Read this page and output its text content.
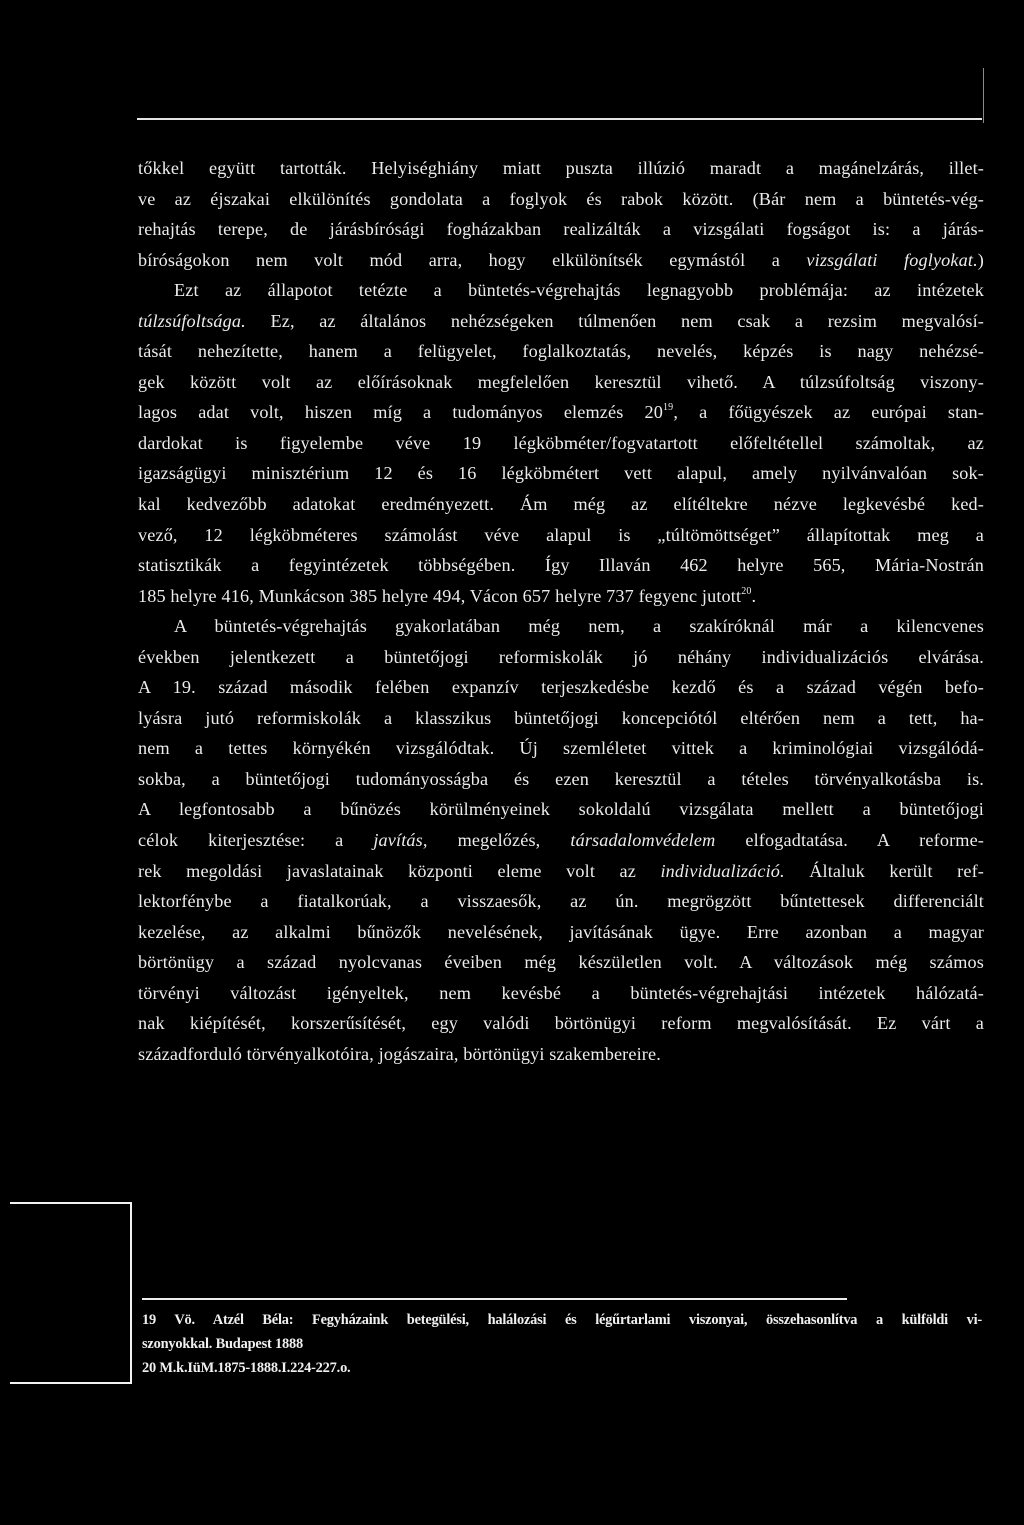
tőkkel együtt tartották. Helyiséghiány miatt puszta illúzió maradt a magánelzárás, illet-
ve az éjszakai elkülönítés gondolata a foglyok és rabok között. (Bár nem a büntetés-vég-
rehajtás terepe, de járásbírósági fogházakban realizálták a vizsgálati fogságot is: a járás-
bíróságokon nem volt mód arra, hogy elkülönítsék egymástól a vizsgálati foglyokat.)
Ezt az állapotot tetézte a büntetés-végrehajtás legnagyobb problémája: az intézetek
túlzsúfoltsága. Ez, az általános nehézségeken túlmenően nem csak a rezsim megvalósí-
tását nehezítette, hanem a felügyelet, foglalkoztatás, nevelés, képzés is nagy nehézsé-
gek között volt az előírásoknak megfelelően keresztül vihető. A túlzsúfoltság viszony-
lagos adat volt, hiszen míg a tudományos elemzés $20^{19}$, a főügyészek az európai stan-
dardokat is figyelembe véve 19 légköbméter/fogvatartott előfeltétellel számoltak, az
igazságügyi minisztérium 12 és 16 légköbmétert vett alapul, amely nyilvánvalóan sok-
kal kedvezőbb adatokat eredményezett. Ám még az elítéltekre nézve legkevésbé ked-
vező, 12 légköbméteres számolást véve alapul is „túltömöttséget” állapítottak meg a
statisztikák a fegyintézetek többségében. Így Illaván 462 helyre 565, Mária-Nostrán
185 helyre 416, Munkácson 385 helyre 494, Vácon 657 helyre 737 fegyenc jutott$^{20}$.
A büntetés-végrehajtás gyakorlatában még nem, a szakíróknál már a kilencvenes
években jelentkezett a büntetőjogi reformiskolák jó néhány individualizációs elvárása.
A 19. század második felében expanzív terjeszkedésbe kezdő és a század végén befo-
lyásra jutó reformiskolák a klasszikus büntetőjogi koncepciótól eltérően nem a tett, ha-
nem a tettes környékén vizsgálódtak. Új szemléletet vittek a kriminológiai vizsgálódá-
sokba, a büntetőjogi tudományosságba és ezen keresztül a tételes törvényalkotásba is.
A legfontosabb a bűnözés körülményeinek sokoldalú vizsgálata mellett a büntetőjogi
célok kiterjesztése: a javítás, megelőzés, társadalomvédelem elfogadtatása. A reforme-
rek megoldási javaslatainak központi eleme volt az individualizáció. Általuk került ref-
lektorfénybe a fiatalkorúak, a visszaesők, az ún. megrögzött bűntettesek differenciált
kezelése, az alkalmi bűnözők nevelésének, javításának ügye. Erre azonban a magyar
börtönügy a század nyolcvanas éveiben még készületlen volt. A változások még számos
törvényi változást igényeltek, nem kevésbé a büntetés-végrehajtási intézetek hálózatá-
nak kiépítését, korszerűsítését, egy valódi börtönügyi reform megvalósítását. Ez várt a
századforduló törvényalkotóira, jogászaira, börtönügyi szakembereire.
19 Vö. Atzél Béla: Fegyházaink betegülési, halálozási és légűrtarlami viszonyai, összehasonlítva a külföldi vi-
szonyokkal. Budapest 1888
20 M.k.IüM.1875-1888.I.224-227.o.
